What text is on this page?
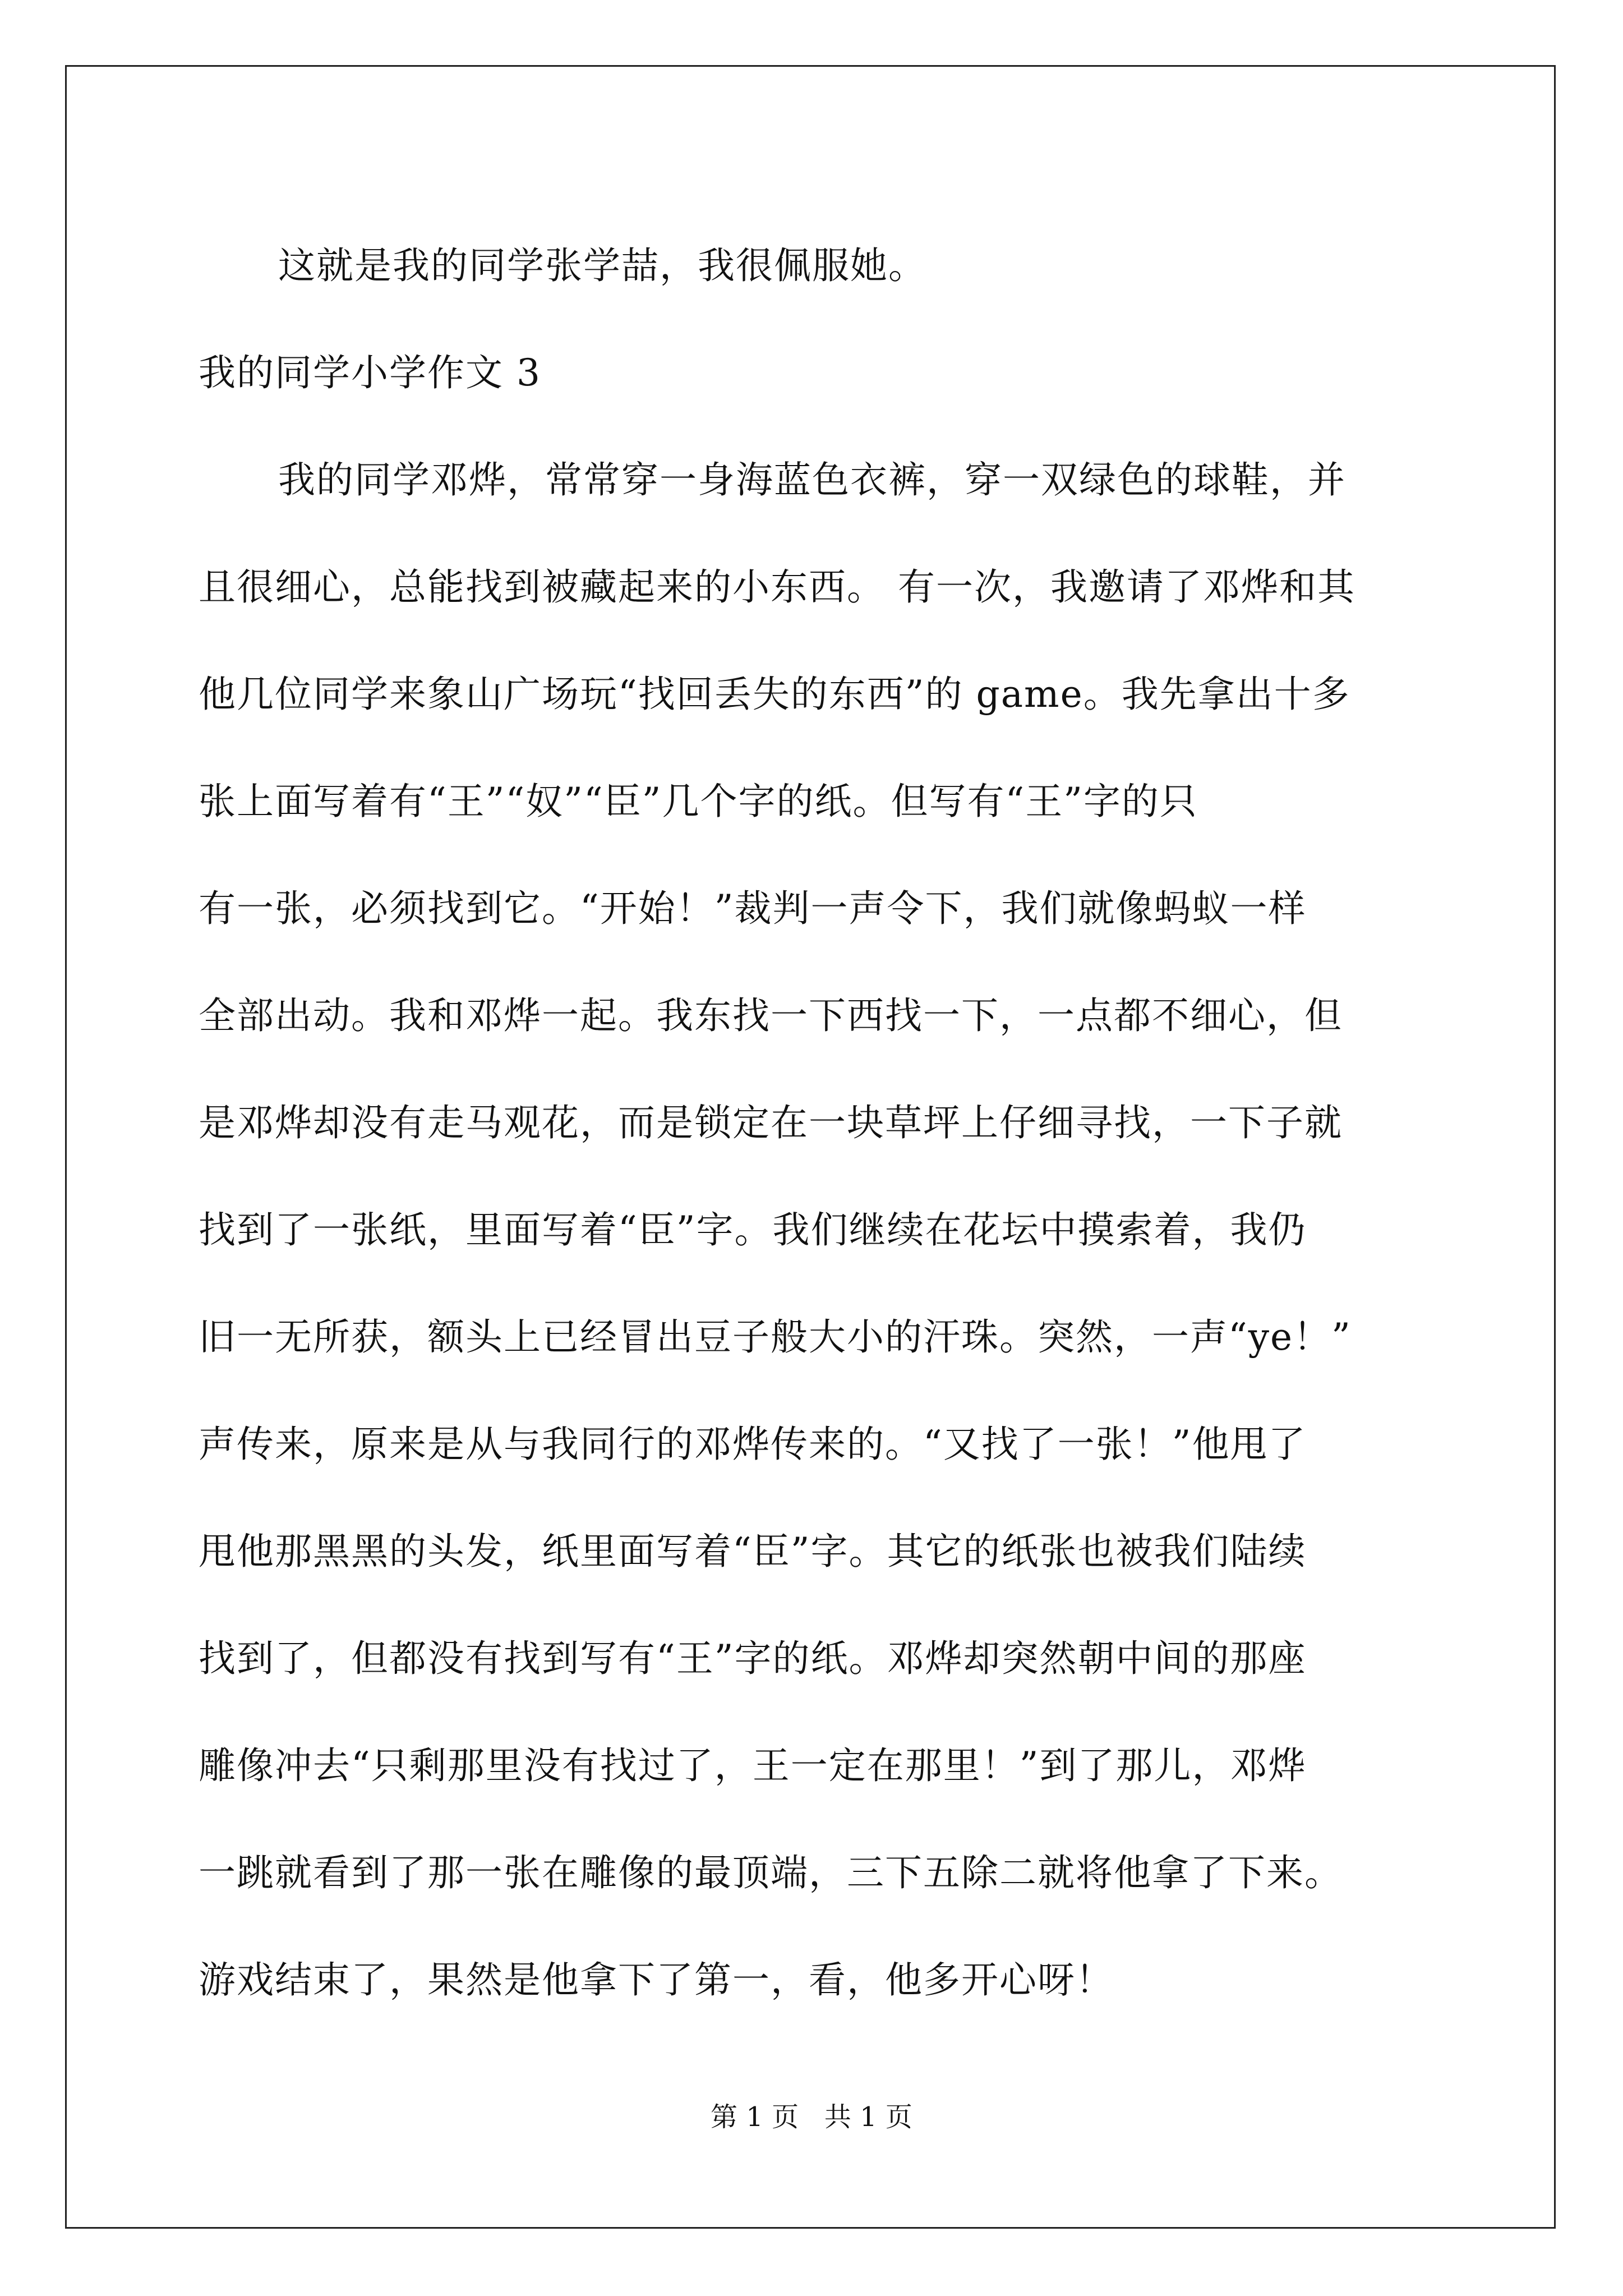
这就是我的同学张学喆，我很佩服她。

我的同学小学作文 3

我的同学邓烨，常常穿一身海蓝色衣裤，穿一双绿色的球鞋，并

且很细心，总能找到被藏起来的小东西。 有一次，我邀请了邓烨和其

他几位同学来象山广场玩“找回丢失的东西”的 game。我先拿出十多

张上面写着有“王”“奴”“臣”几个字的纸。但写有“王”字的只

有一张，必须找到它。“开始！”裁判一声令下，我们就像蚂蚁一样

全部出动。我和邓烨一起。我东找一下西找一下，一点都不细心，但

是邓烨却没有走马观花，而是锁定在一块草坪上仔细寻找，一下子就

找到了一张纸，里面写着“臣”字。我们继续在花坛中摸索着，我仍

旧一无所获，额头上已经冒出豆子般大小的汗珠。突然，一声“ye！”

声传来，原来是从与我同行的邓烨传来的。“又找了一张！”他甩了

甩他那黑黑的头发，纸里面写着“臣”字。其它的纸张也被我们陆续

找到了，但都没有找到写有“王”字的纸。邓烨却突然朝中间的那座

雕像冲去“只剩那里没有找过了，王一定在那里！”到了那儿，邓烨

一跳就看到了那一张在雕像的最顶端，三下五除二就将他拿了下来。

游戏结束了，果然是他拿下了第一，看，他多开心呀！

第 1 页   共 1 页
